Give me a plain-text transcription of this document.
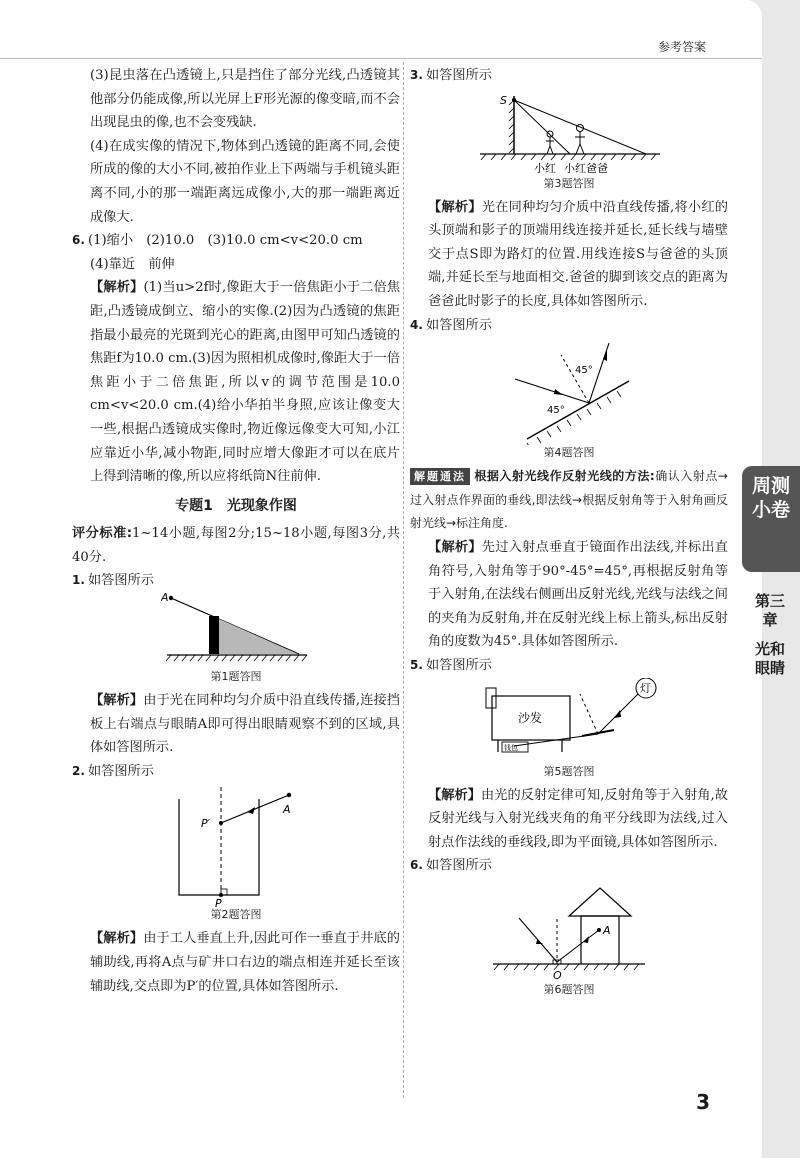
参考答案

(3)昆虫落在凸透镜上,只是挡住了部分光线,凸透镜其他部分仍能成像,所以光屏上F形光源的像变暗,而不会出现昆虫的像,也不会变残缺.

(4)在成实像的情况下,物体到凸透镜的距离不同,会使所成的像的大小不同,被拍作业上下两端与手机镜头距离不同,小的那一端距离远成像小,大的那一端距离近成像大.

6. (1)缩小　(2)10.0　(3)10.0 cm<v<20.0 cm

(4)靠近　前伸

【解析】(1)当u>2f时,像距大于一倍焦距小于二倍焦距,凸透镜成倒立、缩小的实像.(2)因为凸透镜的焦距指最小最亮的光斑到光心的距离,由图甲可知凸透镜的焦距f为10.0 cm.(3)因为照相机成像时,像距大于一倍焦距小于二倍焦距,所以v的调节范围是10.0 cm<v<20.0 cm.(4)给小华拍半身照,应该让像变大一些,根据凸透镜成实像时,物近像远像变大可知,小江应靠近小华,减小物距,同时应增大像距才可以在底片上得到清晰的像,所以应将纸筒N往前伸.

专题1　光现象作图

评分标准:1~14小题,每图2分;15~18小题,每图3分,共40分.

1. 如答图所示

A
第1题答图

【解析】由于光在同种均匀介质中沿直线传播,连接挡板上右端点与眼睛A即可得出眼睛观察不到的区域,具体如答图所示.

2. 如答图所示

P′
A
P
第2题答图

【解析】由于工人垂直上升,因此可作一垂直于井底的辅助线,再将A点与矿井口右边的端点相连并延长至该辅助线,交点即为P′的位置,具体如答图所示.

3. 如答图所示

S
小红 小红爸爸
第3题答图

【解析】光在同种均匀介质中沿直线传播,将小红的头顶端和影子的顶端用线连接并延长,延长线与墙壁交于点S即为路灯的位置.用线连接S与爸爸的头顶端,并延长至与地面相交.爸爸的脚到该交点的距离为爸爸此时影子的长度,具体如答图所示.

4. 如答图所示

45°
45°
第4题答图

解题通法 根据入射光线作反射光线的方法:确认入射点→过入射点作界面的垂线,即法线→根据反射角等于入射角画反射光线→标注角度.

【解析】先过入射点垂直于镜面作出法线,并标出直角符号,入射角等于90°-45°=45°,再根据反射角等于入射角,在法线右侧画出反射光线,光线与法线之间的夹角为反射角,并在反射光线上标上箭头,标出反射角的度数为45°.具体如答图所示.

5. 如答图所示

沙发
钱包
灯
第5题答图

【解析】由光的反射定律可知,反射角等于入射角,故反射光线与入射光线夹角的角平分线即为法线,过入射点作法线的垂线段,即为平面镜,具体如答图所示.

6. 如答图所示

A
O
第6题答图
3
周测小卷
第三章
光和眼睛
